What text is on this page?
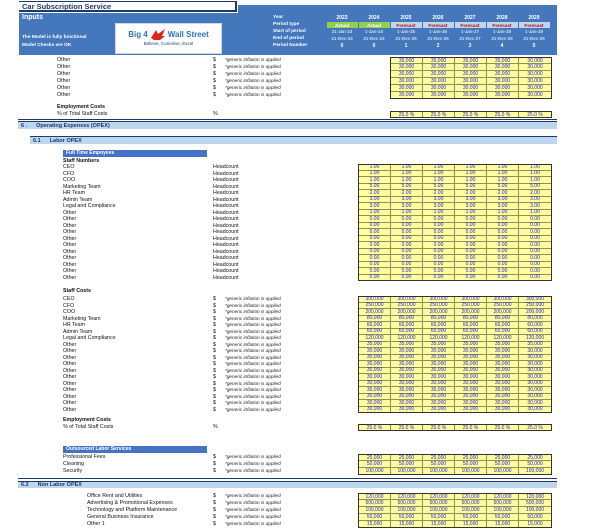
Car Subscription Service
Inputs
The Model is fully functional
Model Checks are OK
Big 4	Wall Street
Believe, Conceive, Excel
Year	2023	2024	2025	2026	2027	2028	2029
Period type	Actual	Actual	Forecast	Forecast	Forecast	Forecast	Forecast
Start of period	31-Jan-23	1-Jan-24	1-Jan-25	1-Jan-26	1-Jan-27	1-Jan-28	1-Jan-29
End of period	31-Dec-23	31-Dec-24	31-Dec-25	31-Dec-26	31-Dec-27	31-Dec-28	31-Dec-29
Period Number	0	0	1	2	3	4	5
Employment Costs
6 . Operating Expenses (OPEX)
6.1 Labor OPEX
Full Time Empoyees
Staff Numbers
Staff Costs
Employment Costs
Outsourced Labor Services
6.2 Non Labor OPEX
Other	$ *generic inflation is applied	30,000	30,000	30,000	30,000	30,000
Other	$ *generic inflation is applied	30,000	30,000	30,000	30,000	30,000
Other	$ *generic inflation is applied	30,000	30,000	30,000	30,000	30,000
Other	$ *generic inflation is applied	30,000	30,000	30,000	30,000	30,000
Other	$ *generic inflation is applied	30,000	30,000	30,000	30,000	30,000
Other	$ *generic inflation is applied	30,000	30,000	30,000	30,000	30,000
% of Total Staff Costs	%	25.0 %	25.0 %	25.0 %	25.0 %	25.0 %
CEO	Headcount	1.00	1.00	1.00	1.00	1.00	1.00
CFO	Headcount	1.00	1.00	1.00	1.00	1.00	1.00
COO	Headcount	1.00	1.00	1.00	1.00	1.00	1.00
Marketing Team	Headcount	5.00	5.00	5.00	5.00	5.00	5.00
HR Team	Headcount	2.00	2.00	2.00	2.00	2.00	2.00
Admin Team	Headcount	3.00	3.00	3.00	3.00	3.00	3.00
Legal and Compliance	Headcount	3.00	3.00	3.00	3.00	3.00	3.00
Other	Headcount	1.00	1.00	1.00	1.00	1.00	1.00
Other	Headcount	0.00	0.00	0.00	0.00	0.00	0.00
Other	Headcount	0.00	0.00	0.00	0.00	0.00	0.00
Other	Headcount	0.00	0.00	0.00	0.00	0.00	0.00
Other	Headcount	0.00	0.00	0.00	0.00	0.00	0.00
Other	Headcount	0.00	0.00	0.00	0.00	0.00	0.00
Other	Headcount	0.00	0.00	0.00	0.00	0.00	0.00
Other	Headcount	0.00	0.00	0.00	0.00	0.00	0.00
Other	Headcount	0.00	0.00	0.00	0.00	0.00	0.00
Other	Headcount	0.00	0.00	0.00	0.00	0.00	0.00
Other	Headcount	0.00	0.00	0.00	0.00	0.00	0.00
CEO	$ *generic inflation is applied	300,000	300,000	300,000	300,000	300,000	300,000
CFO	$ *generic inflation is applied	250,000	250,000	250,000	250,000	250,000	250,000
COO	$ *generic inflation is applied	200,000	200,000	200,000	200,000	200,000	200,000
Marketing Team	$ *generic inflation is applied	80,000	80,000	80,000	80,000	80,000	80,000
HR Team	$ *generic inflation is applied	60,000	60,000	60,000	60,000	60,000	60,000
Admin Team	$ *generic inflation is applied	60,000	60,000	60,000	60,000	60,000	60,000
Legal and Compliance	$ *generic inflation is applied	120,000	120,000	120,000	120,000	120,000	120,000
Other	$ *generic inflation is applied	35,000	35,000	35,000	35,000	35,000	35,000
Other	$ *generic inflation is applied	30,000	30,000	30,000	30,000	30,000	30,000
Other	$ *generic inflation is applied	30,000	30,000	30,000	30,000	30,000	30,000
Other	$ *generic inflation is applied	30,000	30,000	30,000	30,000	30,000	30,000
Other	$ *generic inflation is applied	30,000	30,000	30,000	30,000	30,000	30,000
Other	$ *generic inflation is applied	30,000	30,000	30,000	30,000	30,000	30,000
Other	$ *generic inflation is applied	30,000	30,000	30,000	30,000	30,000	30,000
Other	$ *generic inflation is applied	30,000	30,000	30,000	30,000	30,000	30,000
Other	$ *generic inflation is applied	30,000	30,000	30,000	30,000	30,000	30,000
Other	$ *generic inflation is applied	30,000	30,000	30,000	30,000	30,000	30,000
Other	$ *generic inflation is applied	30,000	30,000	30,000	30,000	30,000	30,000
% of Total Staff Costs	%	25.0 %	25.0 %	25.0 %	25.0 %	25.0 %	25.0 %
Professional Fees	$ *generic inflation is applied	25,000	25,000	25,000	25,000	25,000	25,000
Cleaning	$ *generic inflation is applied	50,000	50,000	50,000	50,000	50,000	50,000
Security	$ *generic inflation is applied	100,000	100,000	100,000	100,000	100,000	100,000
Office Rent and Utilities	$ *generic inflation is applied	120,000	120,000	120,000	120,000	120,000	120,000
Advertising & Promotional Expenses	$ *generic inflation is applied	500,000	500,000	500,000	500,000	500,000	500,000
Technology and Platform Maintenance	$ *generic inflation is applied	100,000	100,000	100,000	100,000	100,000	100,000
General Business Insurance	$ *generic inflation is applied	50,000	50,000	50,000	50,000	50,000	50,000
Other 1	$ *generic inflation is applied	15,000	15,000	15,000	15,000	15,000	15,000
